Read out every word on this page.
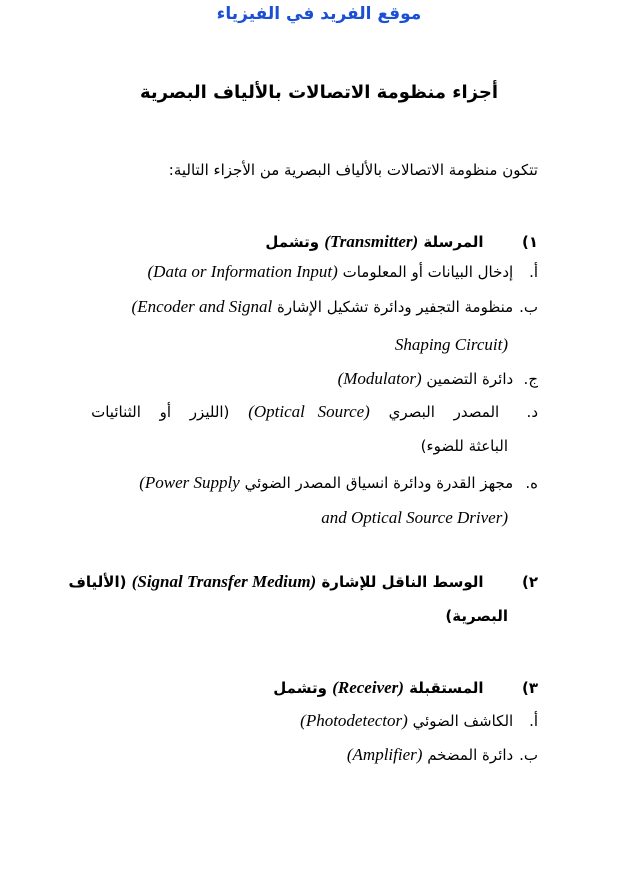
موقع الفريد في الفيزياء
أجزاء منظومة الاتصالات بالألياف البصرية
تتكون منظومة الاتصالات بالألياف البصرية من الأجزاء التالية:
١)  المرسلة (Transmitter) وتشمل
أ. إدخال البيانات أو المعلومات (Data or Information Input)
ب. منظومة التجفير ودائرة تشكيل الإشارة (Encoder and Signal
Shaping Circuit)
ج. دائرة التضمين (Modulator)
د. المصدر البصري (Optical   Source) (الليزر أو الثنائيات
الباعثة للضوء)
ه. مجهز القدرة ودائرة انسياق المصدر الضوئي (Power Supply
and Optical Source Driver)
٢)  الوسط الناقل للإشارة (Signal Transfer Medium) (الألياف
البصرية)
٣)  المستقبلة (Receiver) وتشمل
أ. الكاشف الضوئي (Photodetector)
ب. دائرة المضخم (Amplifier)
